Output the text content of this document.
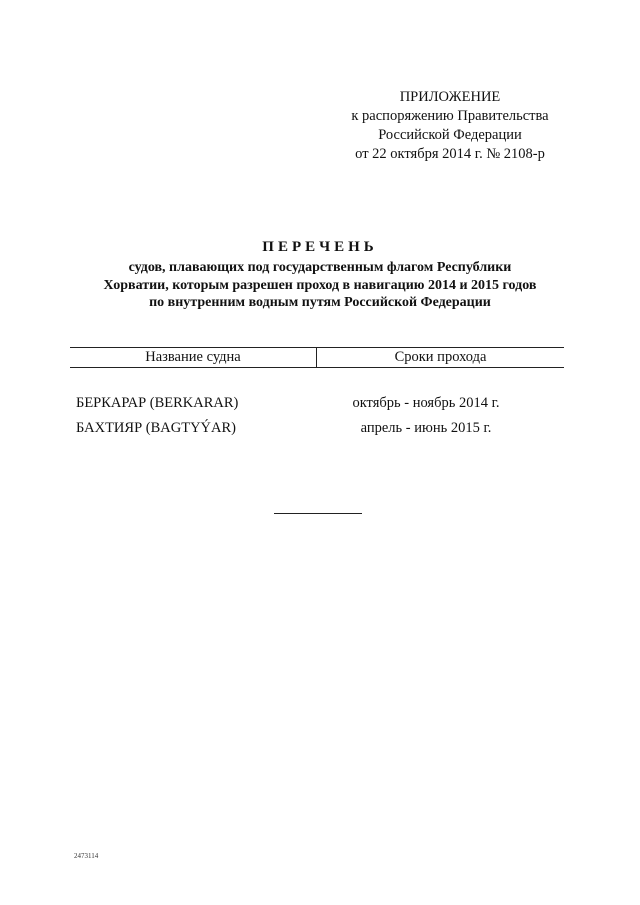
ПРИЛОЖЕНИЕ
к распоряжению Правительства
Российской Федерации
от 22 октября 2014 г. № 2108-р
ПЕРЕЧЕНЬ
судов, плавающих под государственным флагом Республики
Хорватии, которым разрешен проход в навигацию 2014 и 2015 годов
по внутренним водным путям Российской Федерации
Название судна	Сроки прохода
БЕРКАРАР (BERKARAR)	октябрь - ноябрь 2014 г.
БАХТИЯР (BAGTYÝAR)	апрель - июнь 2015 г.
2473114
